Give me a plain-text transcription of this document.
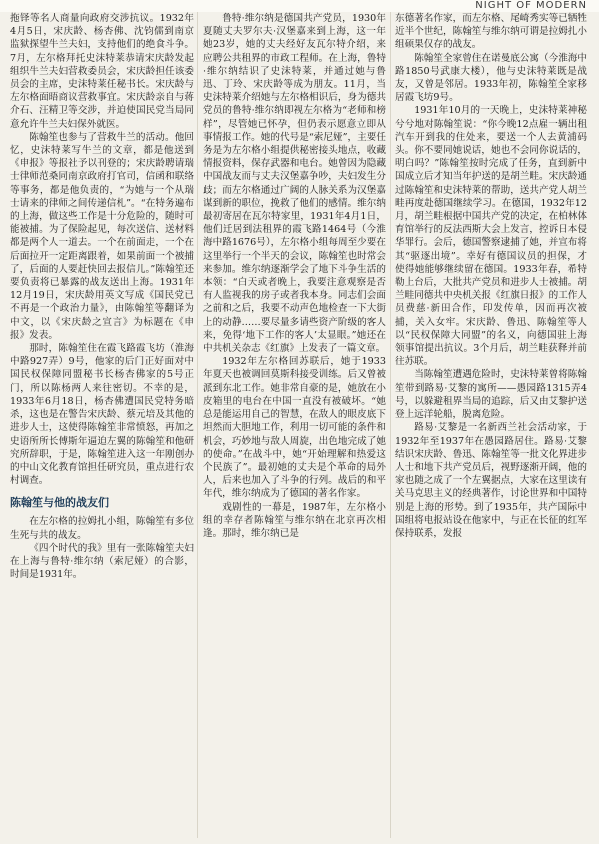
NIGHT OF MODERN

拖铎等名人商量向政府交涉抗议。1932年4月5日，宋庆龄、杨杏佛、沈钧儒到南京监狱探望牛兰夫妇，支持他们的绝食斗争。7月，左尔格拜托史沫特莱恭请宋庆龄发起组织牛兰夫妇营救委员会，宋庆龄担任该委员会的主席，史沫特莱任秘书长。宋庆龄与左尔格面晤商议营救事宜。宋庆龄亲自与蒋介石、汪精卫等交涉，并迫使国民党当局同意允许牛兰夫妇保外就医。

陈翰笙也参与了营救牛兰的活动。他回忆，史沫特莱写牛兰的文章，都是他送到《申报》等报社予以刊登的；宋庆龄聘请瑞士律师范桑同南京政府打官司，信函和联络等事务，都是他负责的，“为她与一个从瑞士请来的律师之间传递信札”。“在特务遍布的上海，做这些工作是十分危险的，随时可能被捕。为了保险起见，每次送信、送材料都是两个人一道去。一个在前面走，一个在后面拉开一定距离跟着，如果前面一个被捕了，后面的人要赶快回去报信儿。”陈翰笙还要负责将已暴露的战友送出上海。1931年12月19日，宋庆龄用英文写成《国民党已不再是一个政治力量》，由陈翰笙等翻译为中文，以《宋庆龄之宣言》为标题在《申报》发表。

那时，陈翰笙住在霞飞路霞飞坊（淮海中路927弄）9号，他家的后门正好面对中国民权保障同盟秘书长杨杏佛家的5号正门，所以陈杨两人来往密切。不幸的是，1933年6月18日，杨杏佛遭国民党特务暗杀，这也是在警告宋庆龄、蔡元培及其他的进步人士，这使得陈翰笙非常愤怒，再加之史语所所长傅斯年逼迫左翼的陈翰笙和他研究所辞职，于是，陈翰笙进入这一年刚创办的中山文化教育馆担任研究员，重点进行农村调查。

陈翰笙与他的战友们

在左尔格的拉姆扎小组，陈翰笙有多位生死与共的战友。

《四个时代的我》里有一张陈翰笙夫妇在上海与鲁特·维尔纳（索尼娅）的合影，时间是1931年。

鲁特·维尔纳是德国共产党员，1930年夏随丈夫罗尔夫·汉堡嘉来到上海，这一年她23岁，她的丈夫经好友瓦尔特介绍，来应聘公共租界的市政工程师。在上海，鲁特·维尔纳结识了史沫特莱，并通过她与鲁迅、丁玲、宋庆龄等成为朋友。11月，当史沫特莱介绍她与左尔格相识后，身为德共党员的鲁特·维尔纳即视左尔格为“老师和榜样”，尽管她已怀孕，但仍表示愿意立即从事情报工作。她的代号是“索尼娅”，主要任务是为左尔格小组提供秘密接头地点，收藏情报资料，保存武器和电台。她曾因为隐藏中国战友而与丈夫汉堡嘉争吵，夫妇发生分歧；而左尔格通过广阔的人脉关系为汉堡嘉谋到新的职位，挽救了他们的感情。维尔纳最初寄居在瓦尔特家里，1931年4月1日，他们迁居到法租界的霞飞路1464号（今淮海中路1676号），左尔格小组每周至少要在这里举行一个半天的会议，陈翰笙也时常会来参加。维尔纳逐渐学会了地下斗争生活的本领：“白天或者晚上，我要注意观察是否有人监视我的房子或者我本身。同志们会面之前和之后，我要不动声色地检查一下大街上的动静……要尽量多请些资产阶级的客人来，免得‘地下工作的客人’太显眼。”她还在中共机关杂志《红旗》上发表了一篇文章。

1932年左尔格回苏联后，她于1933年夏天也被调回莫斯科接受训练。后又曾被派到东北工作。她非常自豪的是，她放在小皮箱里的电台在中国一直没有被破坏。“她总是能运用自己的智慧，在敌人的眼皮底下坦然而大胆地工作，利用一切可能的条件和机会，巧妙地与敌人周旋，出色地完成了她的使命。”在战斗中，她“开始理解和热爱这个民族了”。最初她的丈夫是个革命的局外人，后来也加入了斗争的行列。战后的和平年代，维尔纳成为了德国的著名作家。

戏剧性的一幕是，1987年，左尔格小组的幸存者陈翰笙与维尔纳在北京再次相逢。那时，维尔纳已是

东德著名作家，而左尔格、尾崎秀实等已牺牲近半个世纪，陈翰笙与维尔纳可谓是拉姆扎小组硕果仅存的战友。

陈翰笙全家曾住在诺曼底公寓（今淮海中路1850号武康大楼），他与史沫特莱既是战友，又曾是邻居。1933年初，陈翰笙全家移居霞飞坊9号。

1931年10月的一天晚上，史沫特莱神秘兮兮地对陈翰笙说：“你今晚12点雇一辆出租汽车开到我的住处来，要送一个人去黄浦码头。你不要同她说话，她也不会同你说话的，明白吗？”陈翰笙按时完成了任务，直到新中国成立后才知当年护送的是胡兰畦。宋庆龄通过陈翰笙和史沫特莱的帮助，送共产党人胡兰畦再度赴德国继续学习。在德国，1932年12月，胡兰畦根据中国共产党的决定，在柏林体育馆举行的反法西斯大会上发言，控诉日本侵华罪行。会后，德国警察逮捕了她，并宣布将其“驱逐出境”。幸好有德国议员的担保，才使得她能够继续留在德国。1933年春，希特勒上台后，大批共产党员和进步人士被捕。胡兰畦同德共中央机关报《红旗日报》的工作人员费慈·新田合作，印发传单，因而再次被捕，关入女牢。宋庆龄、鲁迅、陈翰笙等人以“民权保障大同盟”的名义，向德国驻上海领事馆提出抗议。3个月后，胡兰畦获释并前往苏联。

当陈翰笙遭遇危险时，史沫特莱曾将陈翰笙带到路易·艾黎的寓所——愚园路1315弄4号，以躲避租界当局的追踪，后又由艾黎护送登上远洋轮船，脱离危险。

路易·艾黎是一名新西兰社会活动家，于1932年至1937年在愚园路居住。路易·艾黎结识宋庆龄、鲁迅、陈翰笙等一批文化界进步人士和地下共产党员后，视野逐渐开阔，他的家也随之成了一个左翼据点，大家在这里读有关马克思主义的经典著作，讨论世界和中国特别是上海的形势。到了1935年，共产国际中国组将电报站设在他家中，与正在长征的红军保持联系，发报
